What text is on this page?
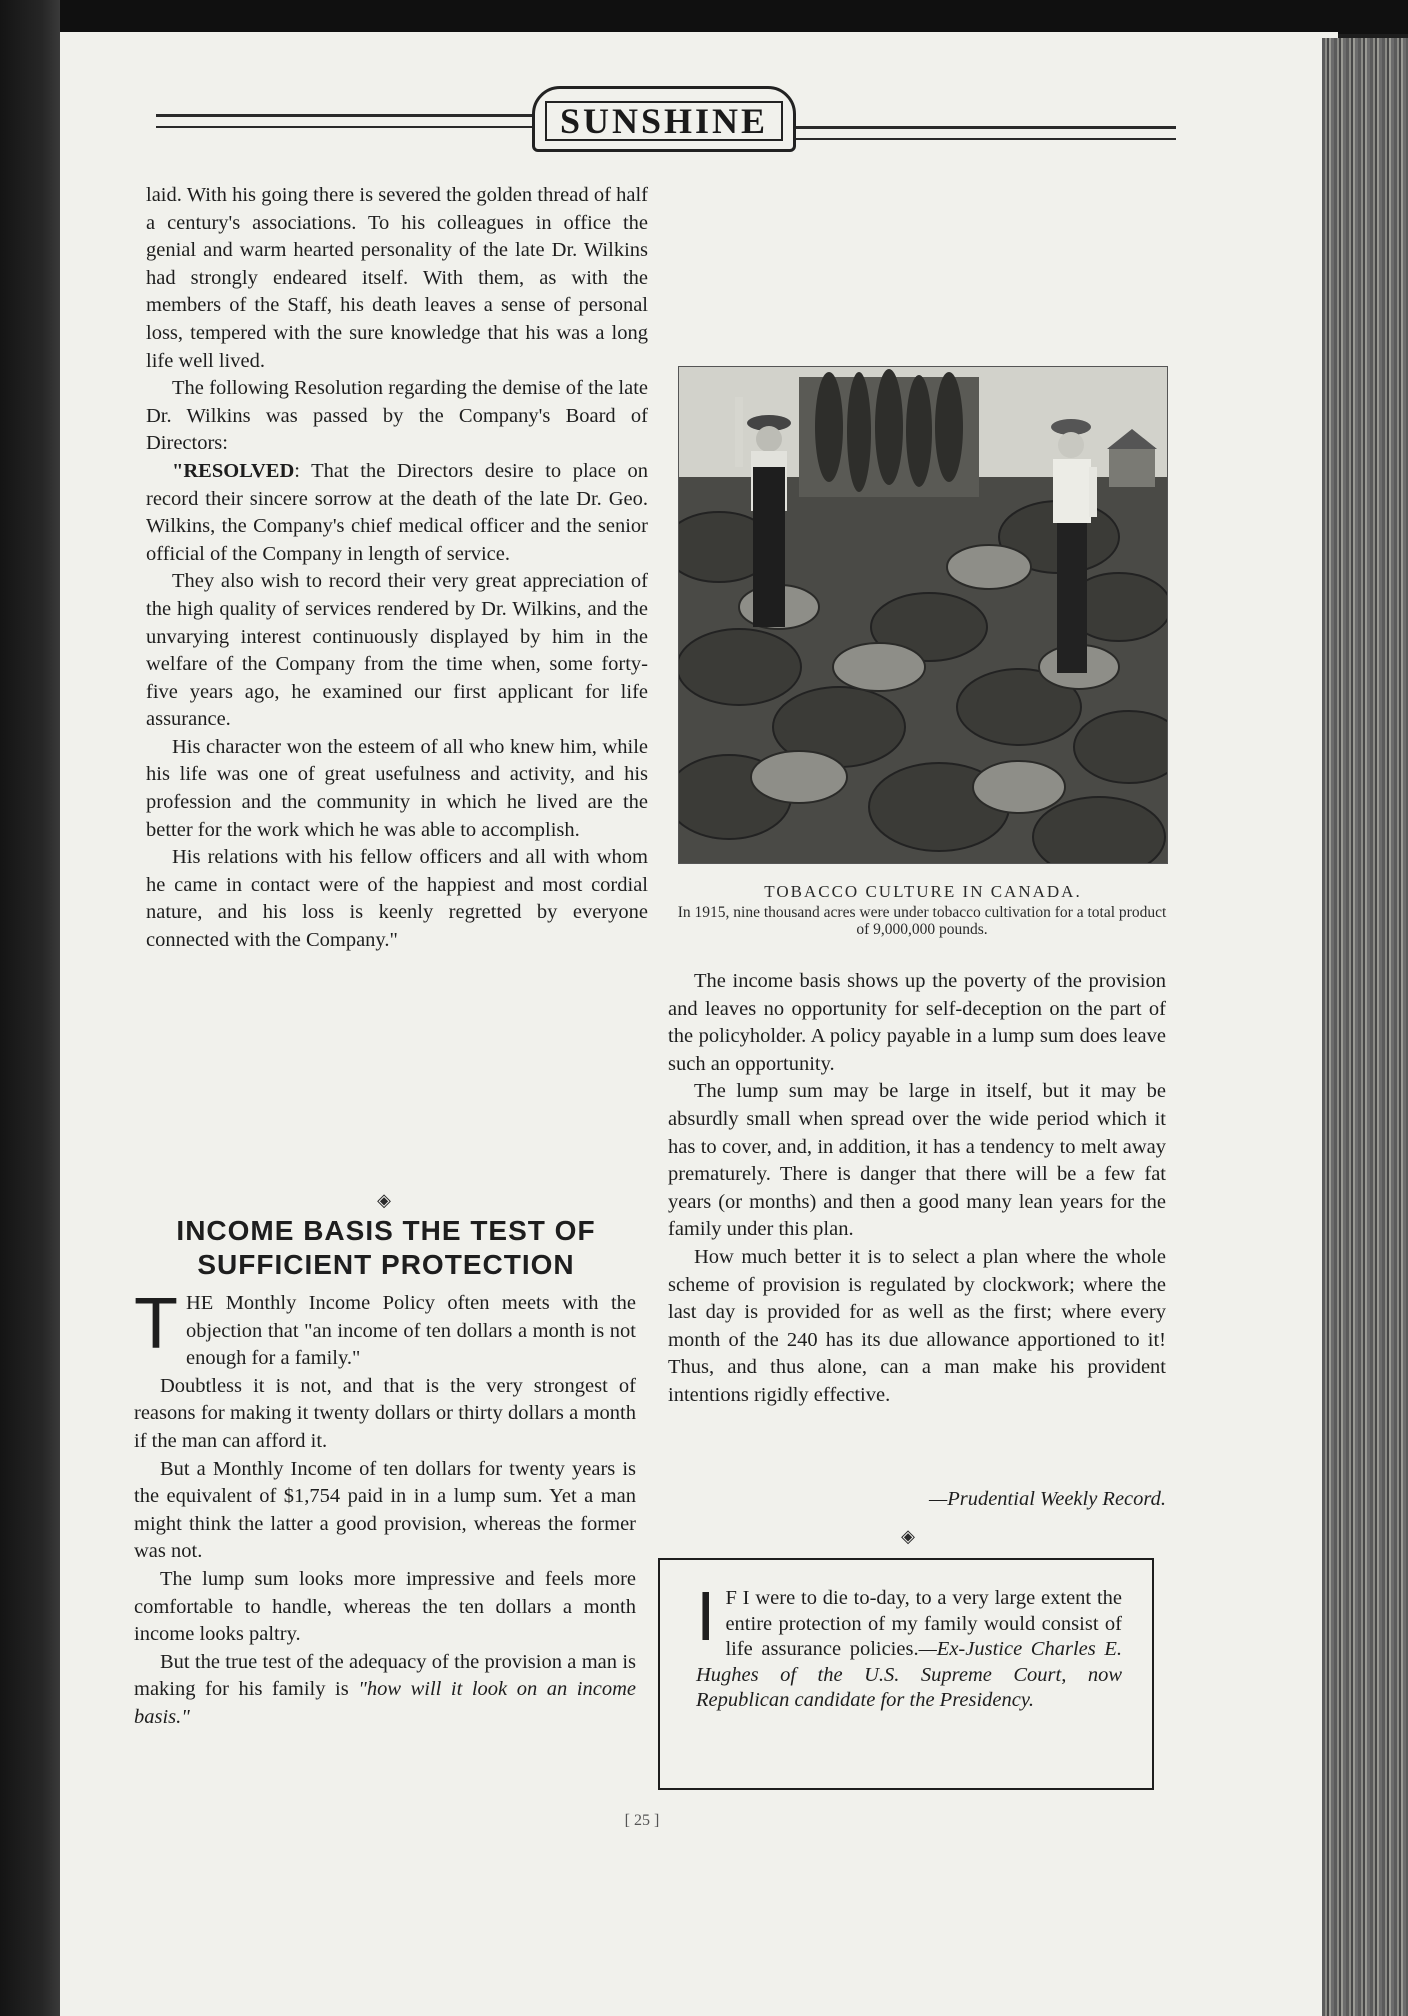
SUNSHINE

laid. With his going there is severed the golden thread of half a century's associations. To his colleagues in office the genial and warm hearted personality of the late Dr. Wilkins had strongly endeared itself. With them, as with the members of the Staff, his death leaves a sense of personal loss, tempered with the sure knowledge that his was a long life well lived.

The following Resolution regarding the demise of the late Dr. Wilkins was passed by the Company's Board of Directors:

"RESOLVED: That the Directors desire to place on record their sincere sorrow at the death of the late Dr. Geo. Wilkins, the Company's chief medical officer and the senior official of the Company in length of service.

They also wish to record their very great appreciation of the high quality of services rendered by Dr. Wilkins, and the unvarying interest continuously displayed by him in the welfare of the Company from the time when, some forty-five years ago, he examined our first applicant for life assurance.

His character won the esteem of all who knew him, while his life was one of great usefulness and activity, and his profession and the community in which he lived are the better for the work which he was able to accomplish.

His relations with his fellow officers and all with whom he came in contact were of the happiest and most cordial nature, and his loss is keenly regretted by everyone connected with the Company."

◈
INCOME BASIS THE TEST OF SUFFICIENT PROTECTION

THE Monthly Income Policy often meets with the objection that "an income of ten dollars a month is not enough for a family."

Doubtless it is not, and that is the very strongest of reasons for making it twenty dollars or thirty dollars a month if the man can afford it.

But a Monthly Income of ten dollars for twenty years is the equivalent of $1,754 paid in in a lump sum. Yet a man might think the latter a good provision, whereas the former was not.

The lump sum looks more impressive and feels more comfortable to handle, whereas the ten dollars a month income looks paltry.

But the true test of the adequacy of the provision a man is making for his family is "how will it look on an income basis."

TOBACCO CULTURE IN CANADA.
In 1915, nine thousand acres were under tobacco cultivation for a total product of 9,000,000 pounds.

The income basis shows up the poverty of the provision and leaves no opportunity for self-deception on the part of the policyholder. A policy payable in a lump sum does leave such an opportunity.

The lump sum may be large in itself, but it may be absurdly small when spread over the wide period which it has to cover, and, in addition, it has a tendency to melt away prematurely. There is danger that there will be a few fat years (or months) and then a good many lean years for the family under this plan.

How much better it is to select a plan where the whole scheme of provision is regulated by clockwork; where the last day is provided for as well as the first; where every month of the 240 has its due allowance apportioned to it! Thus, and thus alone, can a man make his provident intentions rigidly effective.

—Prudential Weekly Record.
◈
I F I were to die to-day, to a very large extent the entire protection of my family would consist of life assurance policies.—Ex-Justice Charles E. Hughes of the U.S. Supreme Court, now Republican candidate for the Presidency.
[ 25 ]
